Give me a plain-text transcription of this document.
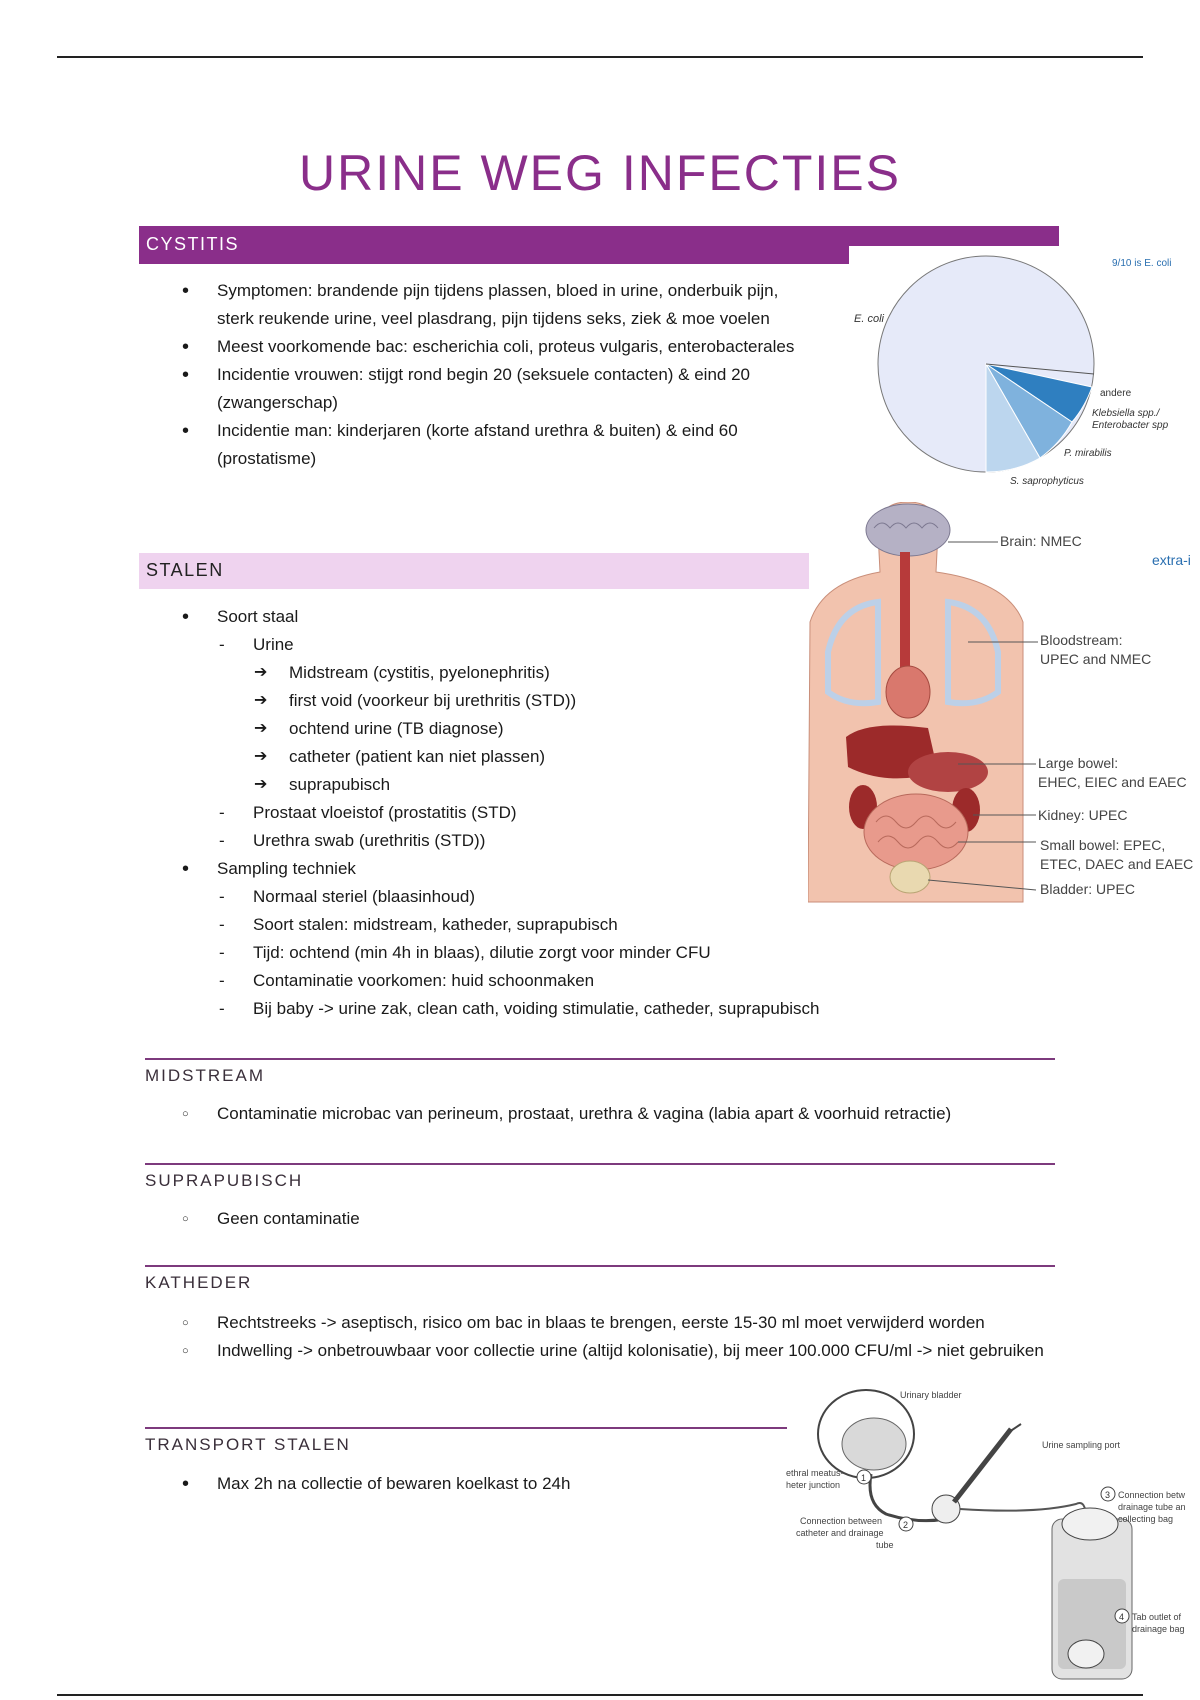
URINE WEG INFECTIES
CYSTITIS
• Symptomen: brandende pijn tijdens plassen, bloed in urine, onderbuik pijn, sterk reukende urine, veel plasdrang, pijn tijdens seks, ziek & moe voelen
• Meest voorkomende bac: escherichia coli, proteus vulgaris, enterobacterales
• Incidentie vrouwen: stijgt rond begin 20 (seksuele contacten) & eind 20 (zwangerschap)
• Incidentie man: kinderjaren (korte afstand urethra & buiten) & eind 60 (prostatisme)
STALEN
• Soort staal
- Urine
➔ Midstream (cystitis, pyelonephritis)
➔ first void (voorkeur bij urethritis (STD))
➔ ochtend urine (TB diagnose)
➔ catheter (patient kan niet plassen)
➔ suprapubisch
- Prostaat vloeistof (prostatitis (STD)
- Urethra swab (urethritis (STD))
• Sampling techniek
- Normaal steriel (blaasinhoud)
- Soort stalen: midstream, katheder, suprapubisch
- Tijd: ochtend (min 4h in blaas), dilutie zorgt voor minder CFU
- Contaminatie voorkomen: huid schoonmaken
- Bij baby -> urine zak, clean cath, voiding stimulatie, catheder, suprapubisch
MIDSTREAM
○ Contaminatie microbac van perineum, prostaat, urethra & vagina (labia apart & voorhuid retractie)
SUPRAPUBISCH
○ Geen contaminatie
KATHEDER
○ Rechtstreeks -> aseptisch, risico om bac in blaas te brengen, eerste 15-30 ml moet verwijderd worden
○ Indwelling -> onbetrouwbaar voor collectie urine (altijd kolonisatie), bij meer 100.000 CFU/ml -> niet gebruiken
TRANSPORT STALEN
• Max 2h na collectie of bewaren koelkast to 24h
9/10 is E. coli
E. coli
andere
Klebsiella spp./
Enterobacter spp
P. mirabilis
S. saprophyticus
Brain: NMEC
extra-i
Bloodstream:
UPEC and NMEC
Large bowel:
EHEC, EIEC and EAEC
Kidney: UPEC
Small bowel: EPEC,
ETEC, DAEC and EAEC
Bladder: UPEC
1
2
3
4
Urinary bladder
Urine sampling port
ethral meatus-
heter junction
Connection between
catheter and drainage
tube
Connection betw
drainage tube an
collecting bag
Tab outlet of
drainage bag
